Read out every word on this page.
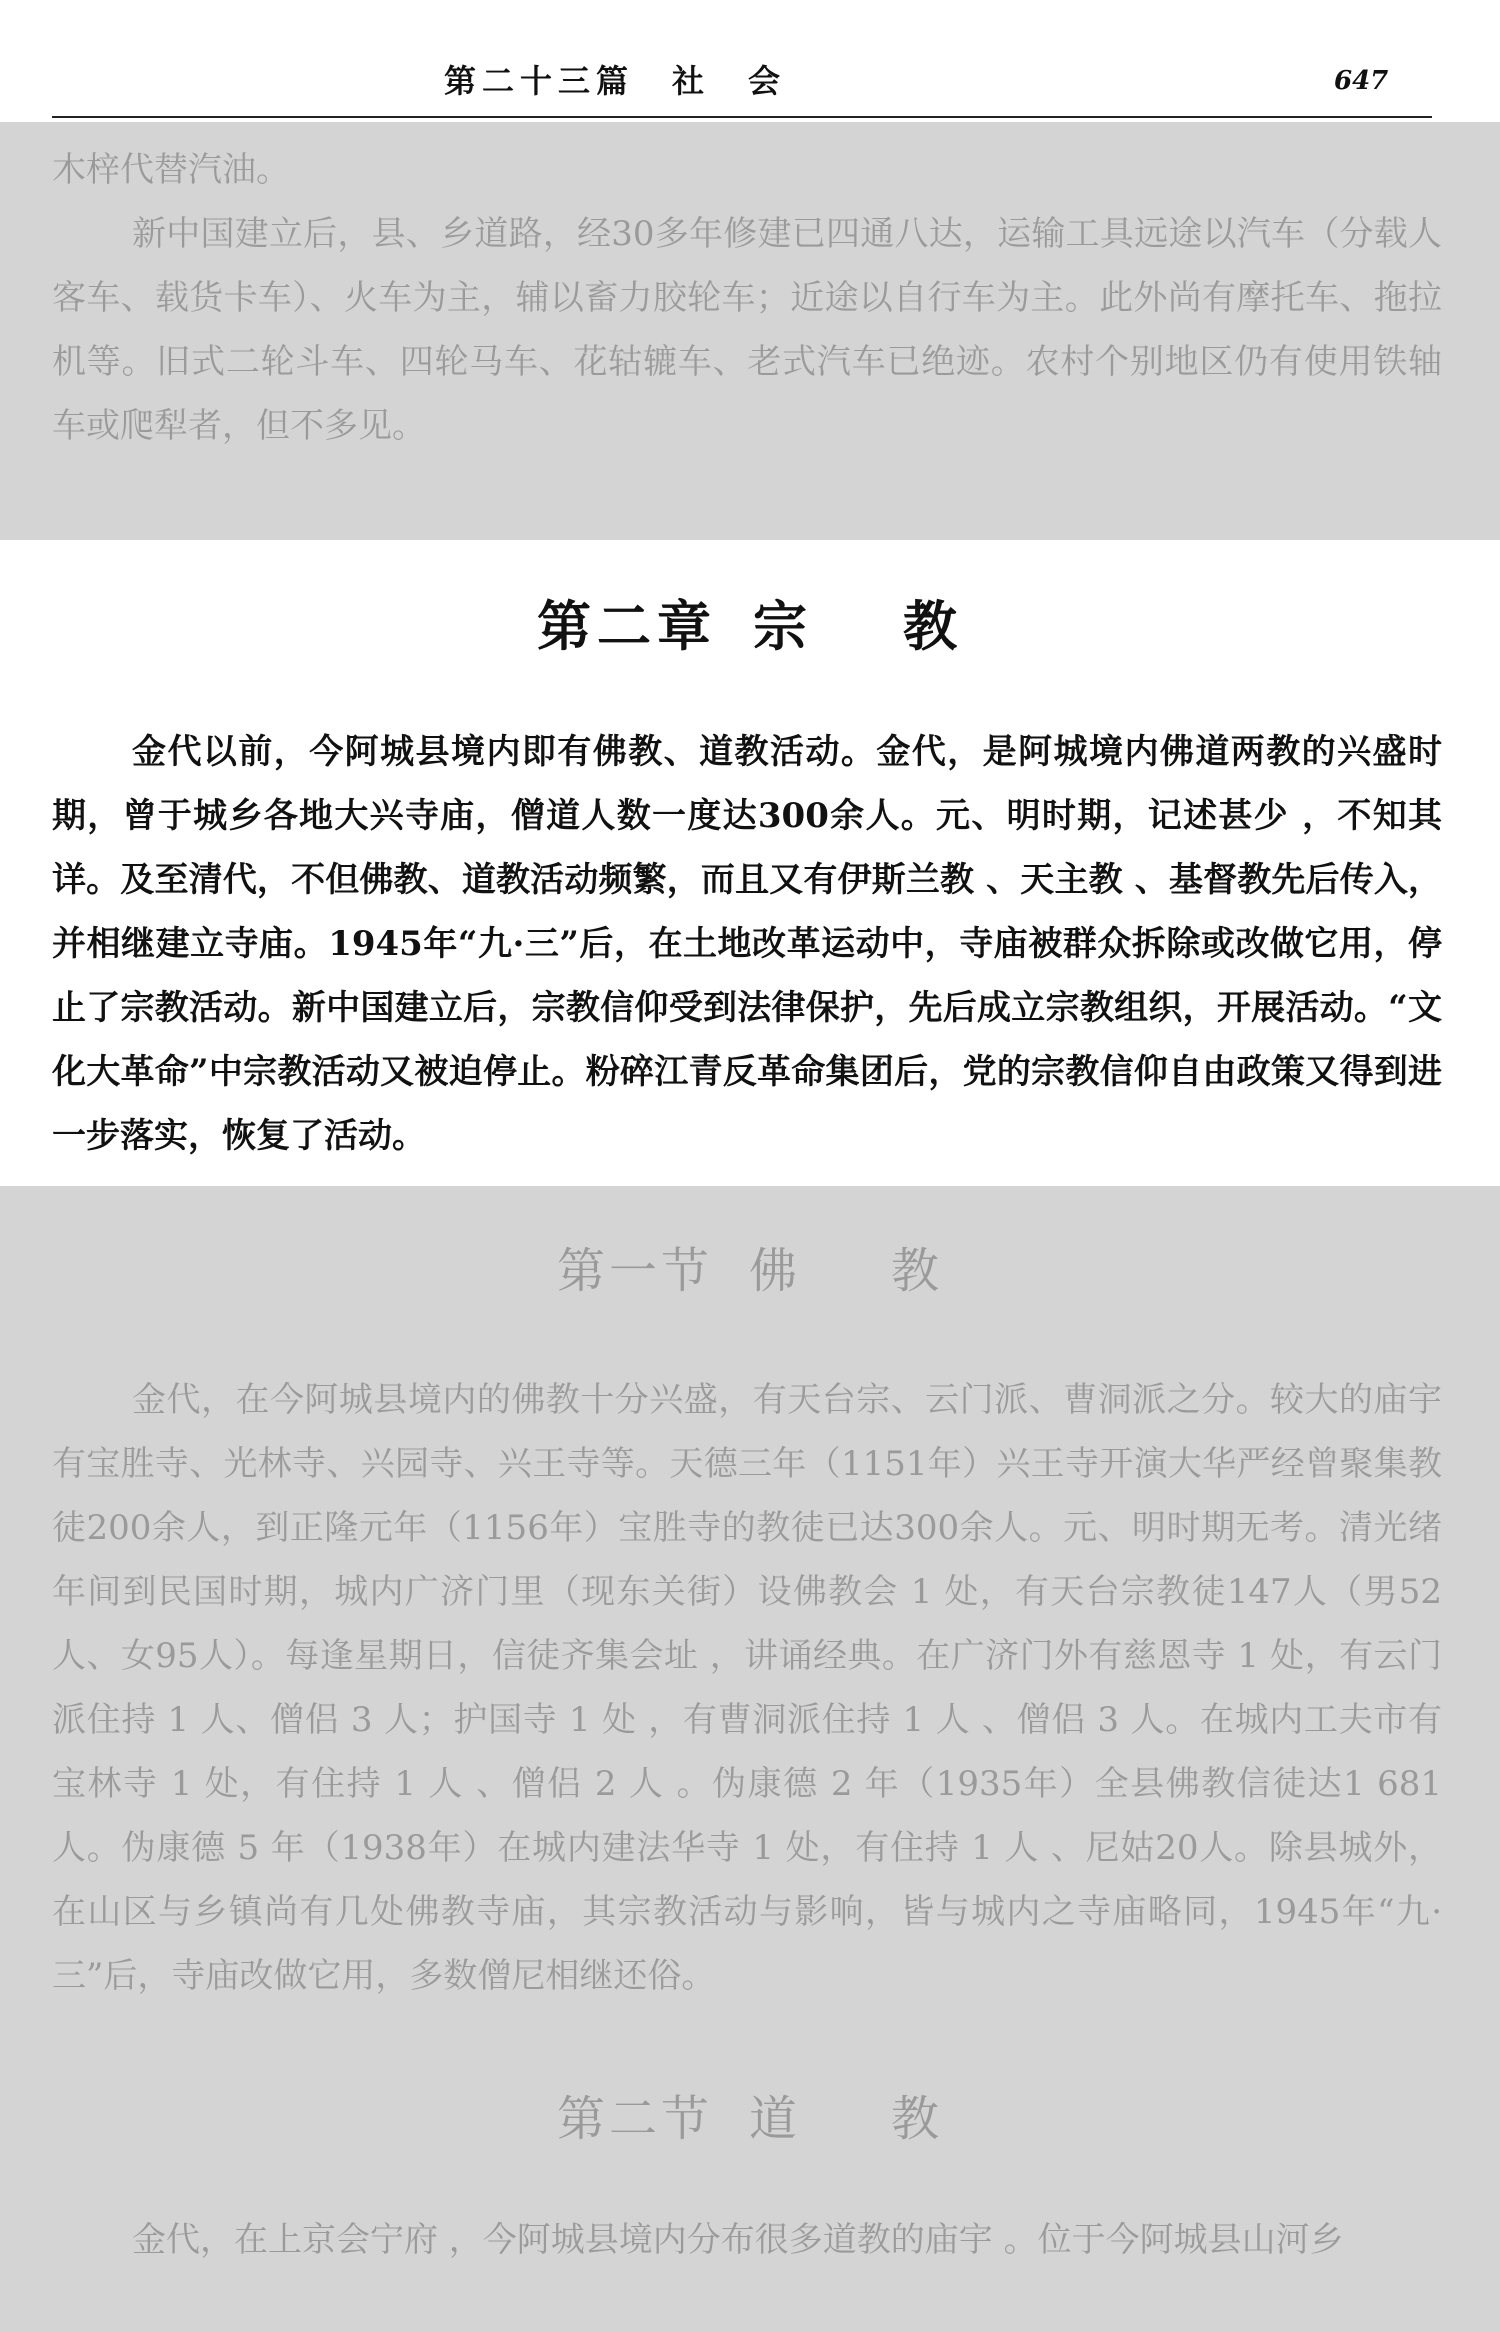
第二十三篇　社　会	647

木梓代替汽油。

新中国建立后，县、乡道路，经30多年修建已四通八达，运输工具远途以汽车（分载人客车、载货卡车）、火车为主，辅以畜力胶轮车；近途以自行车为主。此外尚有摩托车、拖拉机等。旧式二轮斗车、四轮马车、花轱辘车、老式汽车已绝迹。农村个别地区仍有使用铁轴车或爬犁者，但不多见。

第二章 宗 教

金代以前，今阿城县境内即有佛教、道教活动。金代，是阿城境内佛道两教的兴盛时期，曾于城乡各地大兴寺庙，僧道人数一度达300余人。元、明时期，记述甚少 ，不知其详。及至清代，不但佛教、道教活动频繁，而且又有伊斯兰教 、天主教 、基督教先后传入，并相继建立寺庙。1945年“九·三”后，在土地改革运动中，寺庙被群众拆除或改做它用，停止了宗教活动。新中国建立后，宗教信仰受到法律保护，先后成立宗教组织，开展活动。“文化大革命”中宗教活动又被迫停止。粉碎江青反革命集团后，党的宗教信仰自由政策又得到进一步落实，恢复了活动。

第一节 佛 教

金代，在今阿城县境内的佛教十分兴盛，有天台宗、云门派、曹洞派之分。较大的庙宇有宝胜寺、光林寺、兴园寺、兴王寺等。天德三年（1151年）兴王寺开演大华严经曾聚集教徒200余人，到正隆元年（1156年）宝胜寺的教徒已达300余人。元、明时期无考。清光绪年间到民国时期，城内广济门里（现东关街）设佛教会 1 处，有天台宗教徒147人（男52人、女95人）。每逢星期日，信徒齐集会址 ，讲诵经典。在广济门外有慈恩寺 1 处，有云门派住持 1 人、僧侣 3 人；护国寺 1 处 ，有曹洞派住持 1 人 、僧侣 3 人。在城内工夫市有宝林寺 1 处，有住持 1 人 、僧侣 2 人 。伪康德 2 年（1935年）全县佛教信徒达1 681人。伪康德 5 年（1938年）在城内建法华寺 1 处，有住持 1 人 、尼姑20人。除县城外，在山区与乡镇尚有几处佛教寺庙，其宗教活动与影响，皆与城内之寺庙略同，1945年“九·三”后，寺庙改做它用，多数僧尼相继还俗。

第二节 道 教

金代，在上京会宁府 ，今阿城县境内分布很多道教的庙宇 。位于今阿城县山河乡
